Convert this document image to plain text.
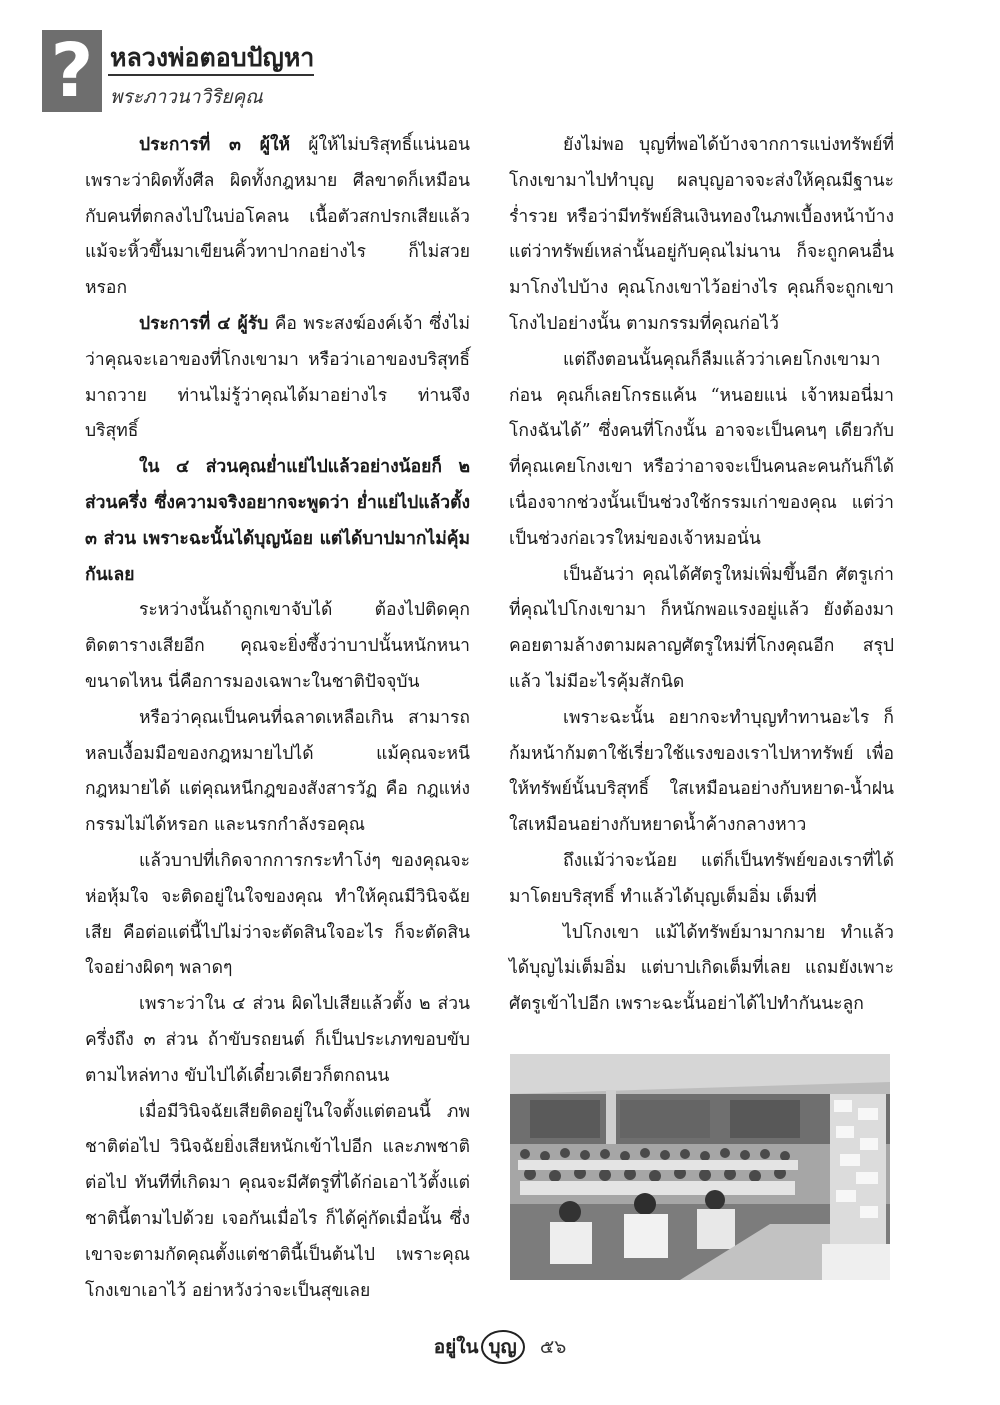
? หลวงพ่อตอบปัญหา
พระภาวนาวิริยคุณ

ประการที่ ๓ ผู้ให้ ผู้ให้ไม่บริสุทธิ์แน่นอน เพราะว่าผิดทั้งศีล ผิดทั้งกฎหมาย ศีลขาดก็เหมือนกับคนที่ตกลงไปในบ่อโคลน เนื้อตัวสกปรกเสียแล้ว แม้จะหิ้วขึ้นมาเขียนคิ้วทาปากอย่างไร ก็ไม่สวยหรอก

ประการที่ ๔ ผู้รับ คือ พระสงฆ์องค์เจ้า ซึ่งไม่ว่าคุณจะเอาของที่โกงเขามา หรือว่าเอาของบริสุทธิ์มาถวาย ท่านไม่รู้ว่าคุณได้มาอย่างไร ท่านจึงบริสุทธิ์

ใน ๔ ส่วนคุณย่ำแย่ไปแล้วอย่างน้อยก็ ๒ ส่วนครึ่ง ซึ่งความจริงอยากจะพูดว่า ย่ำแย่ไปแล้วตั้ง ๓ ส่วน เพราะฉะนั้นได้บุญน้อย แต่ได้บาปมากไม่คุ้มกันเลย

ระหว่างนั้นถ้าถูกเขาจับได้ ต้องไปติดคุกติดตารางเสียอีก คุณจะยิ่งซึ้งว่าบาปนั้นหนักหนาขนาดไหน นี่คือการมองเฉพาะในชาติปัจจุบัน

หรือว่าคุณเป็นคนที่ฉลาดเหลือเกิน สามารถหลบเงื้อมมือของกฎหมายไปได้ แม้คุณจะหนีกฎหมายได้ แต่คุณหนีกฎของสังสารวัฏ คือ กฎแห่งกรรมไม่ได้หรอก และนรกกำลังรอคุณ

แล้วบาปที่เกิดจากการกระทำโง่ๆ ของคุณจะห่อหุ้มใจ จะติดอยู่ในใจของคุณ ทำให้คุณมีวินิจฉัยเสีย คือต่อแต่นี้ไปไม่ว่าจะตัดสินใจอะไร ก็จะตัดสินใจอย่างผิดๆ พลาดๆ

เพราะว่าใน ๔ ส่วน ผิดไปเสียแล้วตั้ง ๒ ส่วนครึ่งถึง ๓ ส่วน ถ้าขับรถยนต์ ก็เป็นประเภทขอบขับตามไหล่ทาง ขับไปได้เดี๋ยวเดียวก็ตกถนน

เมื่อมีวินิจฉัยเสียติดอยู่ในใจตั้งแต่ตอนนี้ ภพชาติต่อไป วินิจฉัยยิ่งเสียหนักเข้าไปอีก และภพชาติต่อไป ทันทีที่เกิดมา คุณจะมีศัตรูที่ได้ก่อเอาไว้ตั้งแต่ชาตินี้ตามไปด้วย เจอกันเมื่อไร ก็ได้คู่กัดเมื่อนั้น ซึ่งเขาจะตามกัดคุณตั้งแต่ชาตินี้เป็นต้นไป เพราะคุณโกงเขาเอาไว้ อย่าหวังว่าจะเป็นสุขเลย

ยังไม่พอ บุญที่พอได้บ้างจากการแบ่งทรัพย์ที่โกงเขามาไปทำบุญ ผลบุญอาจจะส่งให้คุณมีฐานะร่ำรวย หรือว่ามีทรัพย์สินเงินทองในภพเบื้องหน้าบ้าง แต่ว่าทรัพย์เหล่านั้นอยู่กับคุณไม่นาน ก็จะถูกคนอื่นมาโกงไปบ้าง คุณโกงเขาไว้อย่างไร คุณก็จะถูกเขาโกงไปอย่างนั้น ตามกรรมที่คุณก่อไว้

แต่ถึงตอนนั้นคุณก็ลืมแล้วว่าเคยโกงเขามาก่อน คุณก็เลยโกรธแค้น “หนอยแน่ เจ้าหมอนี่มาโกงฉันได้” ซึ่งคนที่โกงนั้น อาจจะเป็นคนๆ เดียวกับที่คุณเคยโกงเขา หรือว่าอาจจะเป็นคนละคนกันก็ได้ เนื่องจากช่วงนั้นเป็นช่วงใช้กรรมเก่าของคุณ แต่ว่าเป็นช่วงก่อเวรใหม่ของเจ้าหมอนั่น

เป็นอันว่า คุณได้ศัตรูใหม่เพิ่มขึ้นอีก ศัตรูเก่าที่คุณไปโกงเขามา ก็หนักพอแรงอยู่แล้ว ยังต้องมาคอยตามล้างตามผลาญศัตรูใหม่ที่โกงคุณอีก สรุปแล้ว ไม่มีอะไรคุ้มสักนิด

เพราะฉะนั้น อยากจะทำบุญทำทานอะไร ก็ก้มหน้าก้มตาใช้เรี่ยวใช้แรงของเราไปหาทรัพย์ เพื่อให้ทรัพย์นั้นบริสุทธิ์ ใสเหมือนอย่างกับหยาด-น้ำฝน ใสเหมือนอย่างกับหยาดน้ำค้างกลางหาว

ถึงแม้ว่าจะน้อย แต่ก็เป็นทรัพย์ของเราที่ได้มาโดยบริสุทธิ์ ทำแล้วได้บุญเต็มอิ่ม เต็มที่

ไปโกงเขา แม้ได้ทรัพย์มามากมาย ทำแล้วได้บุญไม่เต็มอิ่ม แต่บาปเกิดเต็มที่เลย แถมยังเพาะศัตรูเข้าไปอีก เพราะฉะนั้นอย่าได้ไปทำกันนะลูก

อยู่ใน บุญ ๕๖
